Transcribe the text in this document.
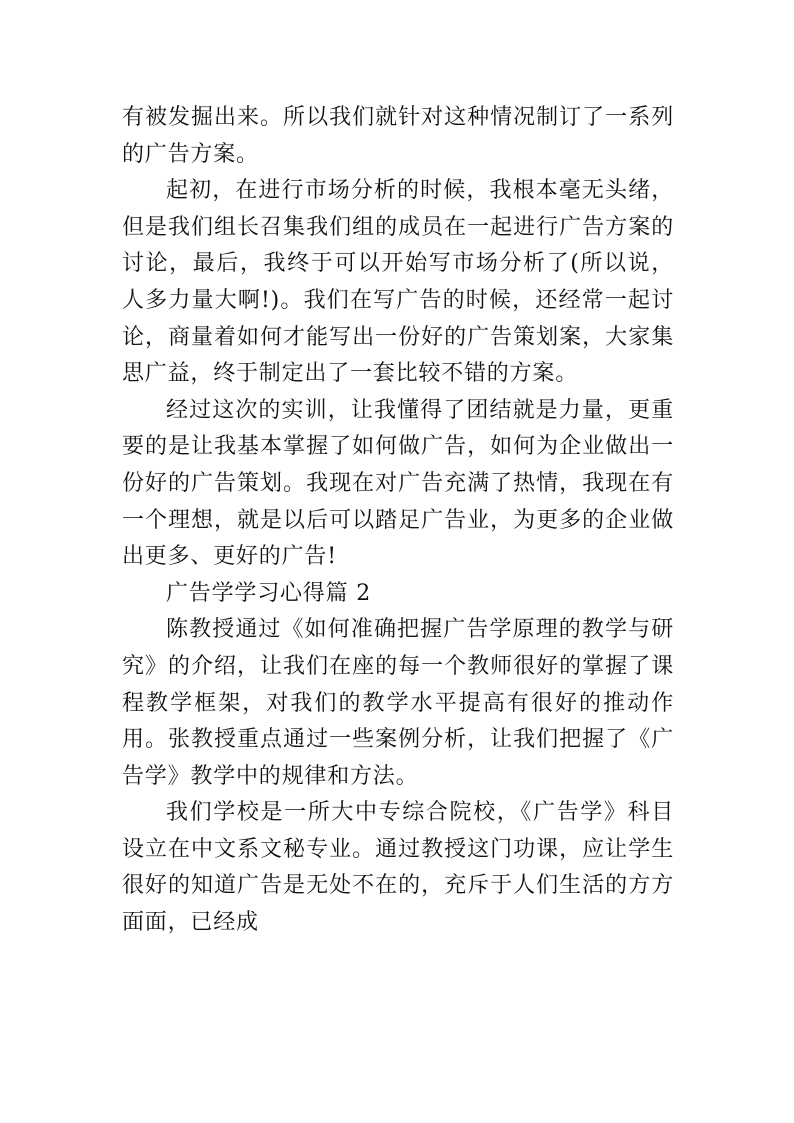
有被发掘出来。所以我们就针对这种情况制订了一系列的广告方案。

起初，在进行市场分析的时候，我根本毫无头绪，但是我们组长召集我们组的成员在一起进行广告方案的讨论，最后，我终于可以开始写市场分析了(所以说，人多力量大啊!)。我们在写广告的时候，还经常一起讨论，商量着如何才能写出一份好的广告策划案，大家集思广益，终于制定出了一套比较不错的方案。

经过这次的实训，让我懂得了团结就是力量，更重要的是让我基本掌握了如何做广告，如何为企业做出一份好的广告策划。我现在对广告充满了热情，我现在有一个理想，就是以后可以踏足广告业，为更多的企业做出更多、更好的广告!

广告学学习心得篇 2

陈教授通过《如何准确把握广告学原理的教学与研究》的介绍，让我们在座的每一个教师很好的掌握了课程教学框架，对我们的教学水平提高有很好的推动作用。张教授重点通过一些案例分析，让我们把握了《广告学》教学中的规律和方法。

我们学校是一所大中专综合院校，《广告学》科目设立在中文系文秘专业。通过教授这门功课，应让学生很好的知道广告是无处不在的，充斥于人们生活的方方面面，已经成
